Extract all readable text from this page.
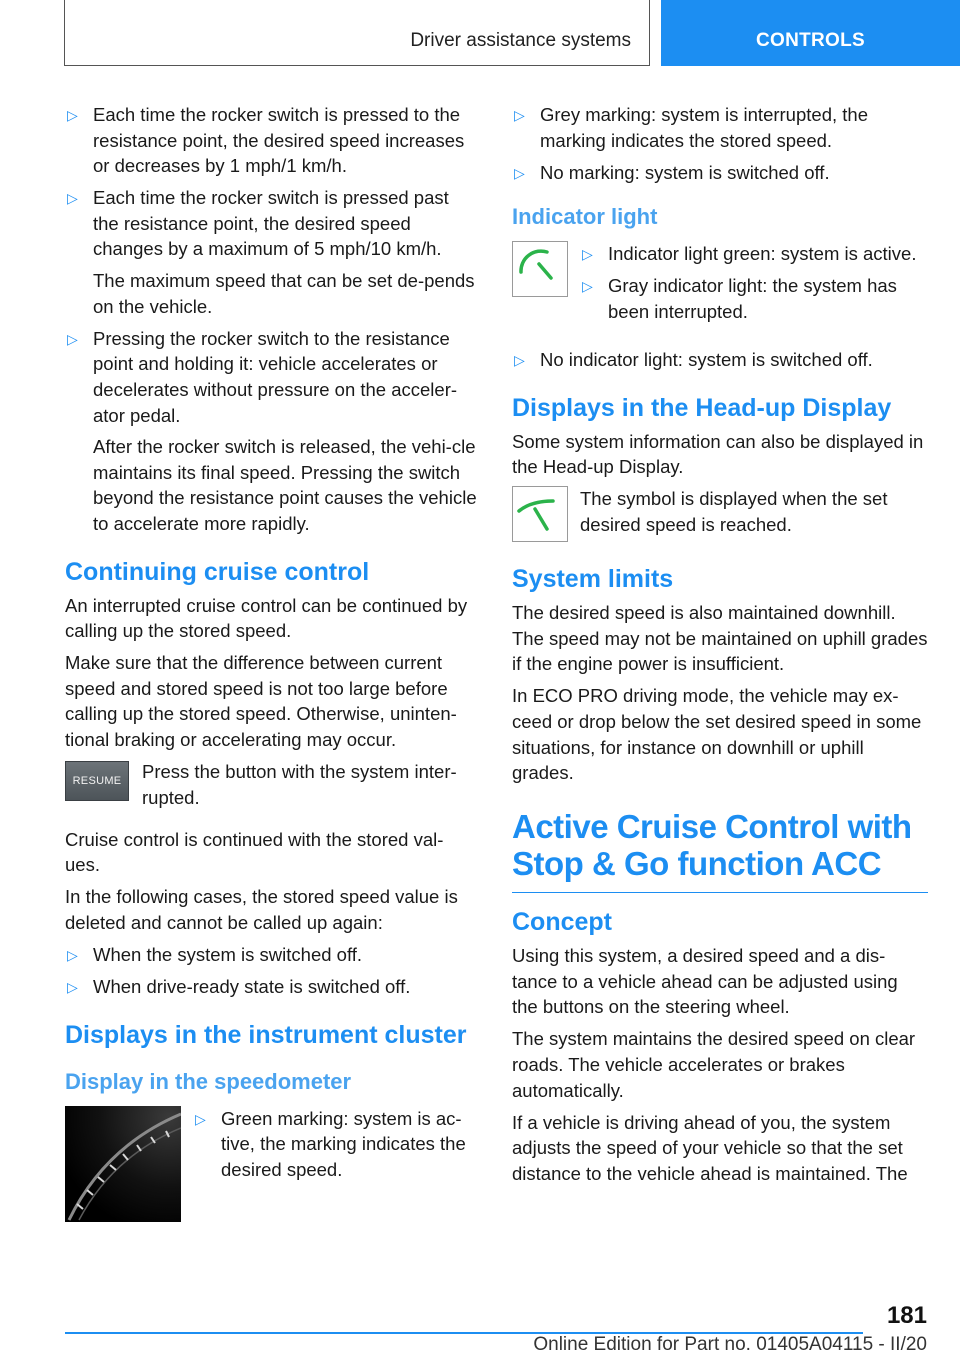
Driver assistance systems	CONTROLS
▷ Each time the rocker switch is pressed to the resistance point, the desired speed increases or decreases by 1 mph/1 km/h.
▷ Each time the rocker switch is pressed past the resistance point, the desired speed changes by a maximum of 5 mph/10 km/h.

The maximum speed that can be set de‐pends on the vehicle.

▷ Pressing the rocker switch to the resistance point and holding it: vehicle accelerates or decelerates without pressure on the acceler‐ator pedal.

After the rocker switch is released, the vehi‐cle maintains its final speed. Pressing the switch beyond the resistance point causes the vehicle to accelerate more rapidly.

Continuing cruise control

An interrupted cruise control can be continued by calling up the stored speed.

Make sure that the difference between current speed and stored speed is not too large before calling up the stored speed. Otherwise, uninten‐tional braking or accelerating may occur.

RESUME Press the button with the system inter‐rupted.

Cruise control is continued with the stored val‐ues.

In the following cases, the stored speed value is deleted and cannot be called up again:

▷ When the system is switched off.
▷ When drive-ready state is switched off.
Displays in the instrument cluster
Display in the speedometer
▷ Green marking: system is ac‐tive, the marking indicates the desired speed.
▷ Grey marking: system is interrupted, the marking indicates the stored speed.
▷ No marking: system is switched off.
Indicator light
▷ Indicator light green: system is active.
▷ Gray indicator light: the system has been interrupted.
▷ No indicator light: system is switched off.
Displays in the Head-up Display

Some system information can also be displayed in the Head-up Display.

The symbol is displayed when the set desired speed is reached.

System limits

The desired speed is also maintained downhill. The speed may not be maintained on uphill grades if the engine power is insufficient.

In ECO PRO driving mode, the vehicle may ex‐ceed or drop below the set desired speed in some situations, for instance on downhill or uphill grades.

Active Cruise Control with Stop & Go function ACC
Concept

Using this system, a desired speed and a dis‐tance to a vehicle ahead can be adjusted using the buttons on the steering wheel.

The system maintains the desired speed on clear roads. The vehicle accelerates or brakes automatically.

If a vehicle is driving ahead of you, the system adjusts the speed of your vehicle so that the set distance to the vehicle ahead is maintained. The

181
Online Edition for Part no. 01405A04115 - II/20
